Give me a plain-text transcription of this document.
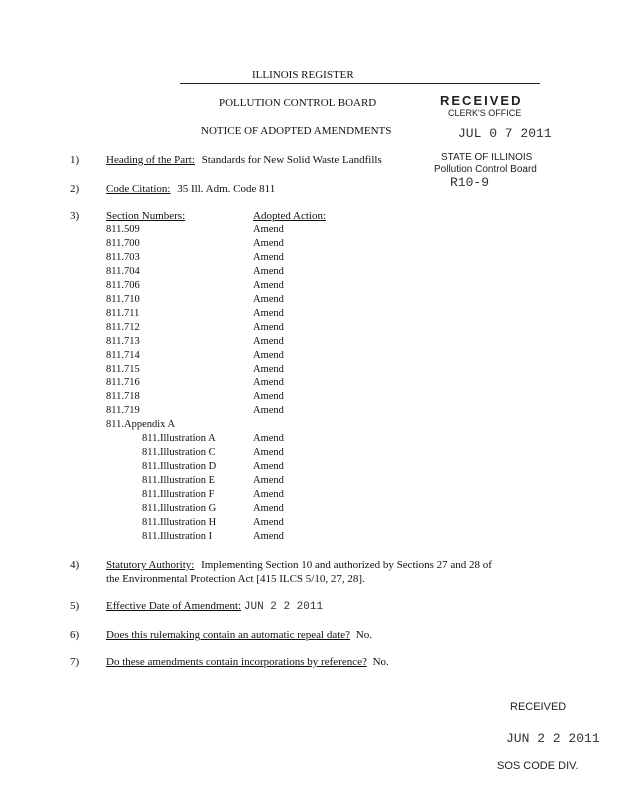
ILLINOIS REGISTER
POLLUTION CONTROL BOARD
NOTICE OF ADOPTED AMENDMENTS
RECEIVED
CLERK'S OFFICE
JUL 0 7 2011
STATE OF ILLINOIS
Pollution Control Board
R10-9
1) Heading of the Part: Standards for New Solid Waste Landfills
2) Code Citation: 35 Ill. Adm. Code 811
3) Section Numbers:	Adopted Action:
811.509	Amend
811.700	Amend
811.703	Amend
811.704	Amend
811.706	Amend
811.710	Amend
811.711	Amend
811.712	Amend
811.713	Amend
811.714	Amend
811.715	Amend
811.716	Amend
811.718	Amend
811.719	Amend
811.Appendix A
811.Illustration A	Amend
811.Illustration C	Amend
811.Illustration D	Amend
811.Illustration E	Amend
811.Illustration F	Amend
811.Illustration G	Amend
811.Illustration H	Amend
811.Illustration I	Amend
4) Statutory Authority: Implementing Section 10 and authorized by Sections 27 and 28 of
the Environmental Protection Act [415 ILCS 5/10, 27, 28].
5) Effective Date of Amendment: JUN 2 2 2011
6) Does this rulemaking contain an automatic repeal date? No.
7) Do these amendments contain incorporations by reference? No.
RECEIVED
JUN 2 2 2011
SOS CODE DIV.
